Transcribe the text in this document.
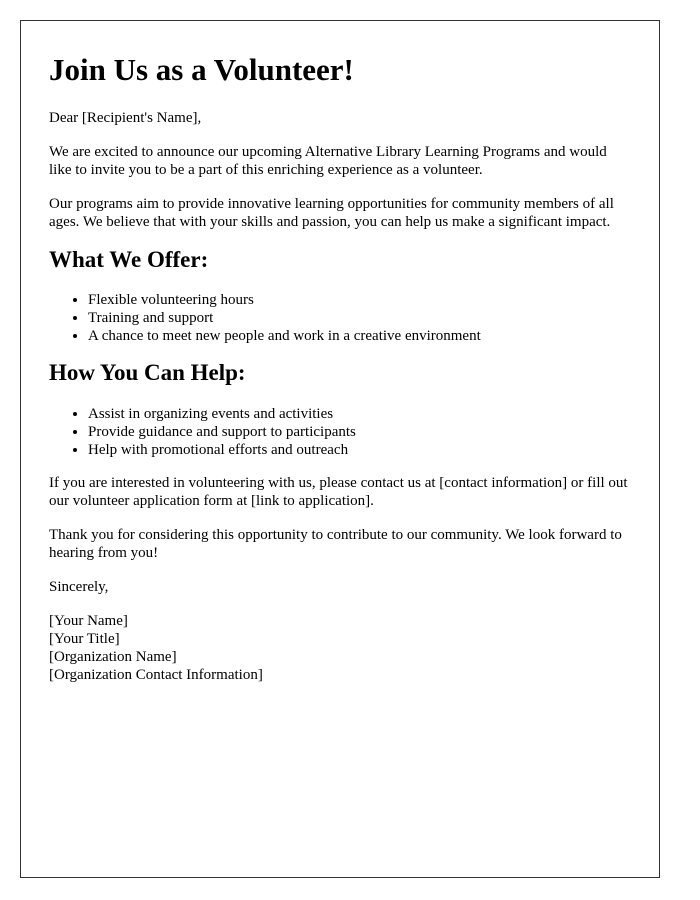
Join Us as a Volunteer!

Dear [Recipient's Name],

We are excited to announce our upcoming Alternative Library Learning Programs and would like to invite you to be a part of this enriching experience as a volunteer.

Our programs aim to provide innovative learning opportunities for community members of all ages. We believe that with your skills and passion, you can help us make a significant impact.

What We Offer:
• Flexible volunteering hours
• Training and support
• A chance to meet new people and work in a creative environment
How You Can Help:
• Assist in organizing events and activities
• Provide guidance and support to participants
• Help with promotional efforts and outreach

If you are interested in volunteering with us, please contact us at [contact information] or fill out our volunteer application form at [link to application].

Thank you for considering this opportunity to contribute to our community. We look forward to hearing from you!

Sincerely,

[Your Name]
[Your Title]
[Organization Name]
[Organization Contact Information]
